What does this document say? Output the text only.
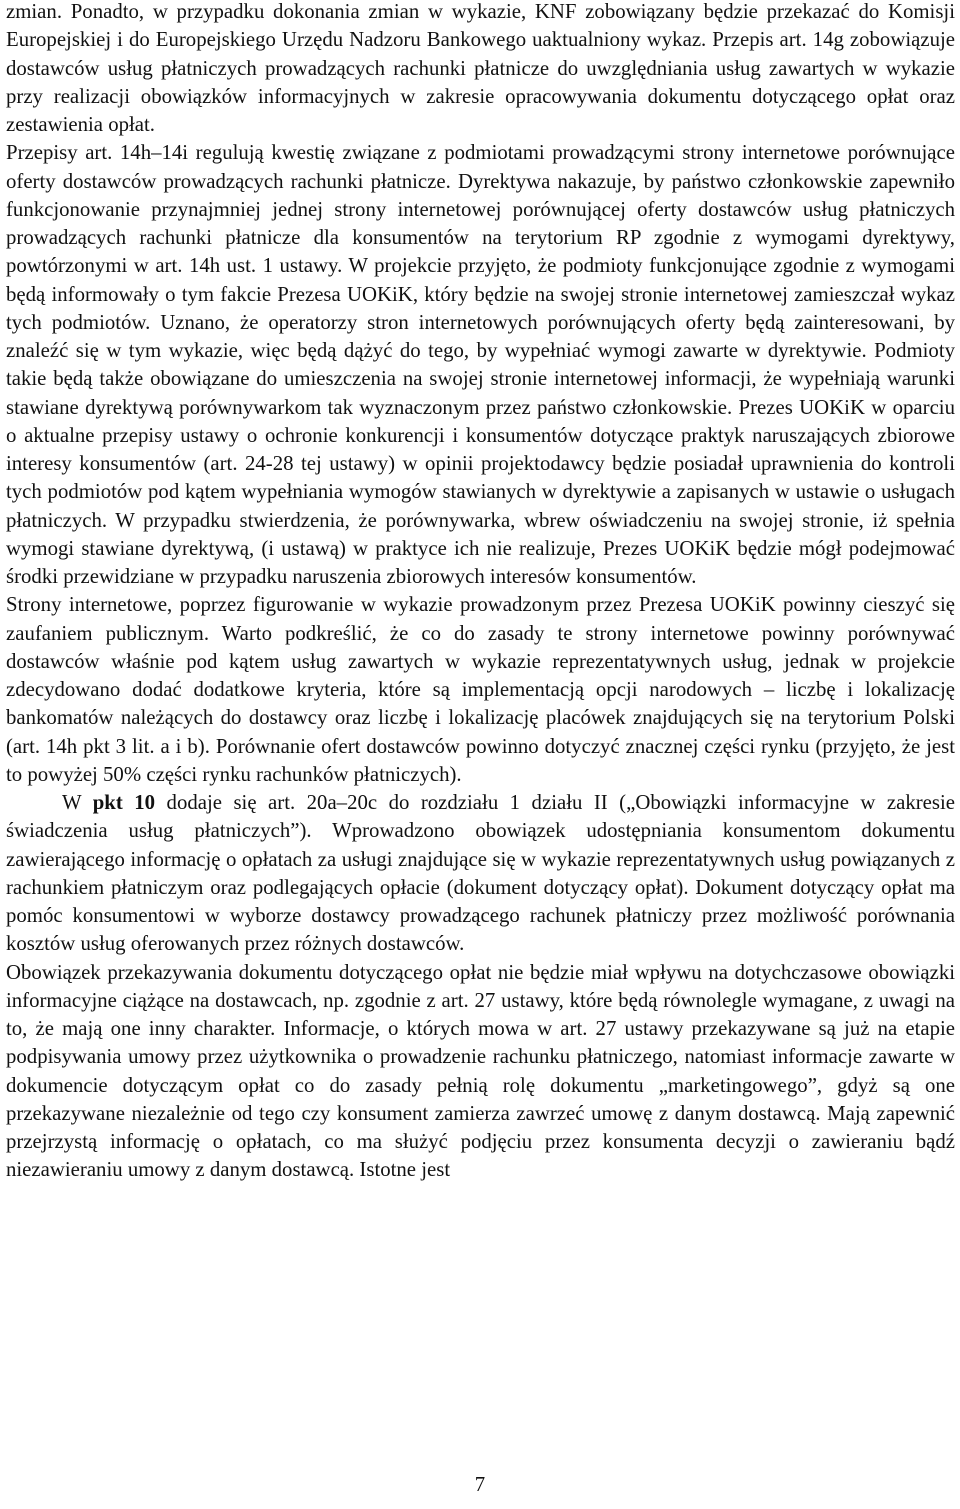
zmian. Ponadto, w przypadku dokonania zmian w wykazie, KNF zobowiązany będzie przekazać do Komisji Europejskiej i do Europejskiego Urzędu Nadzoru Bankowego uaktualniony wykaz. Przepis art. 14g zobowiązuje dostawców usług płatniczych prowadzących rachunki płatnicze do uwzględniania usług zawartych w wykazie przy realizacji obowiązków informacyjnych w zakresie opracowywania dokumentu dotyczącego opłat oraz zestawienia opłat.

Przepisy art. 14h–14i regulują kwestię związane z podmiotami prowadzącymi strony internetowe porównujące oferty dostawców prowadzących rachunki płatnicze. Dyrektywa nakazuje, by państwo członkowskie zapewniło funkcjonowanie przynajmniej jednej strony internetowej porównującej oferty dostawców usług płatniczych prowadzących rachunki płatnicze dla konsumentów na terytorium RP zgodnie z wymogami dyrektywy, powtórzonymi w art. 14h ust. 1 ustawy. W projekcie przyjęto, że podmioty funkcjonujące zgodnie z wymogami będą informowały o tym fakcie Prezesa UOKiK, który będzie na swojej stronie internetowej zamieszczał wykaz tych podmiotów. Uznano, że operatorzy stron internetowych porównujących oferty będą zainteresowani, by znaleźć się w tym wykazie, więc będą dążyć do tego, by wypełniać wymogi zawarte w dyrektywie. Podmioty takie będą także obowiązane do umieszczenia na swojej stronie internetowej informacji, że wypełniają warunki stawiane dyrektywą porównywarkom tak wyznaczonym przez państwo członkowskie. Prezes UOKiK w oparciu o aktualne przepisy ustawy o ochronie konkurencji i konsumentów dotyczące praktyk naruszających zbiorowe interesy konsumentów (art. 24-28 tej ustawy) w opinii projektodawcy będzie posiadał uprawnienia do kontroli tych podmiotów pod kątem wypełniania wymogów stawianych w dyrektywie a zapisanych w ustawie o usługach płatniczych. W przypadku stwierdzenia, że porównywarka, wbrew oświadczeniu na swojej stronie, iż spełnia wymogi stawiane dyrektywą, (i ustawą) w praktyce ich nie realizuje, Prezes UOKiK będzie mógł podejmować środki przewidziane w przypadku naruszenia zbiorowych interesów konsumentów.

Strony internetowe, poprzez figurowanie w wykazie prowadzonym przez Prezesa UOKiK powinny cieszyć się zaufaniem publicznym. Warto podkreślić, że co do zasady te strony internetowe powinny porównywać dostawców właśnie pod kątem usług zawartych w wykazie reprezentatywnych usług, jednak w projekcie zdecydowano dodać dodatkowe kryteria, które są implementacją opcji narodowych – liczbę i lokalizację bankomatów należących do dostawcy oraz liczbę i lokalizację placówek znajdujących się na terytorium Polski (art. 14h pkt 3 lit. a i b). Porównanie ofert dostawców powinno dotyczyć znacznej części rynku (przyjęto, że jest to powyżej 50% części rynku rachunków płatniczych).

W pkt 10 dodaje się art. 20a–20c do rozdziału 1 działu II („Obowiązki informacyjne w zakresie świadczenia usług płatniczych”). Wprowadzono obowiązek udostępniania konsumentom dokumentu zawierającego informację o opłatach za usługi znajdujące się w wykazie reprezentatywnych usług powiązanych z rachunkiem płatniczym oraz podlegających opłacie (dokument dotyczący opłat). Dokument dotyczący opłat ma pomóc konsumentowi w wyborze dostawcy prowadzącego rachunek płatniczy przez możliwość porównania kosztów usług oferowanych przez różnych dostawców.

Obowiązek przekazywania dokumentu dotyczącego opłat nie będzie miał wpływu na dotychczasowe obowiązki informacyjne ciążące na dostawcach, np. zgodnie z art. 27 ustawy, które będą równolegle wymagane, z uwagi na to, że mają one inny charakter. Informacje, o których mowa w art. 27 ustawy przekazywane są już na etapie podpisywania umowy przez użytkownika o prowadzenie rachunku płatniczego, natomiast informacje zawarte w dokumencie dotyczącym opłat co do zasady pełnią rolę dokumentu „marketingowego”, gdyż są one przekazywane niezależnie od tego czy konsument zamierza zawrzeć umowę z danym dostawcą. Mają zapewnić przejrzystą informację o opłatach, co ma służyć podjęciu przez konsumenta decyzji o zawieraniu bądź niezawieraniu umowy z danym dostawcą. Istotne jest

7
